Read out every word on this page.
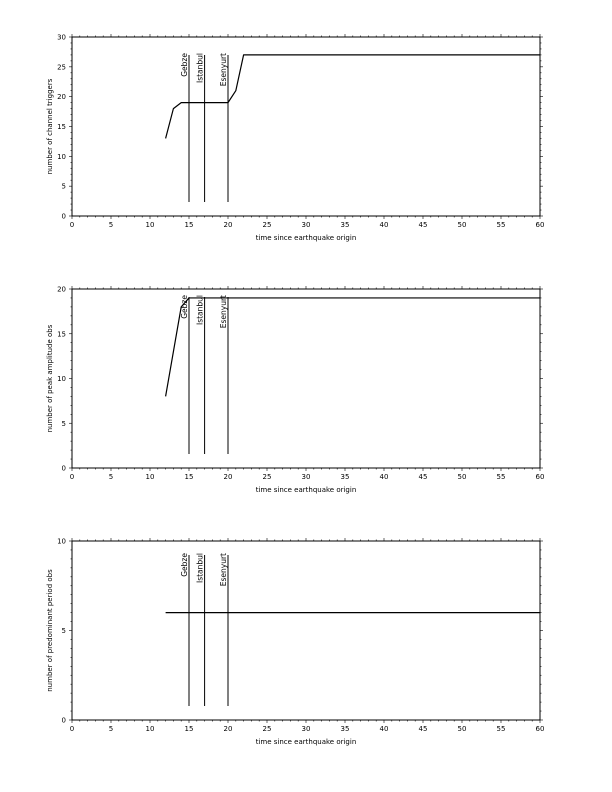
0	5	10	15	20	25	30	35	40	45	50	55	60
0
5
10
15
20
25
30
time since earthquake origin
number of channel triggers
Gebze Istanbul Esenyurt
0	5	10	15	20	25	30	35	40	45	50	55	60
0
5
10
15
20
time since earthquake origin
number of peak amplitude obs
Gebze Istanbul Esenyurt
0	5	10	15	20	25	30	35	40	45	50	55	60
0
5
10
time since earthquake origin
number of predominant period obs
Gebze Istanbul Esenyurt
